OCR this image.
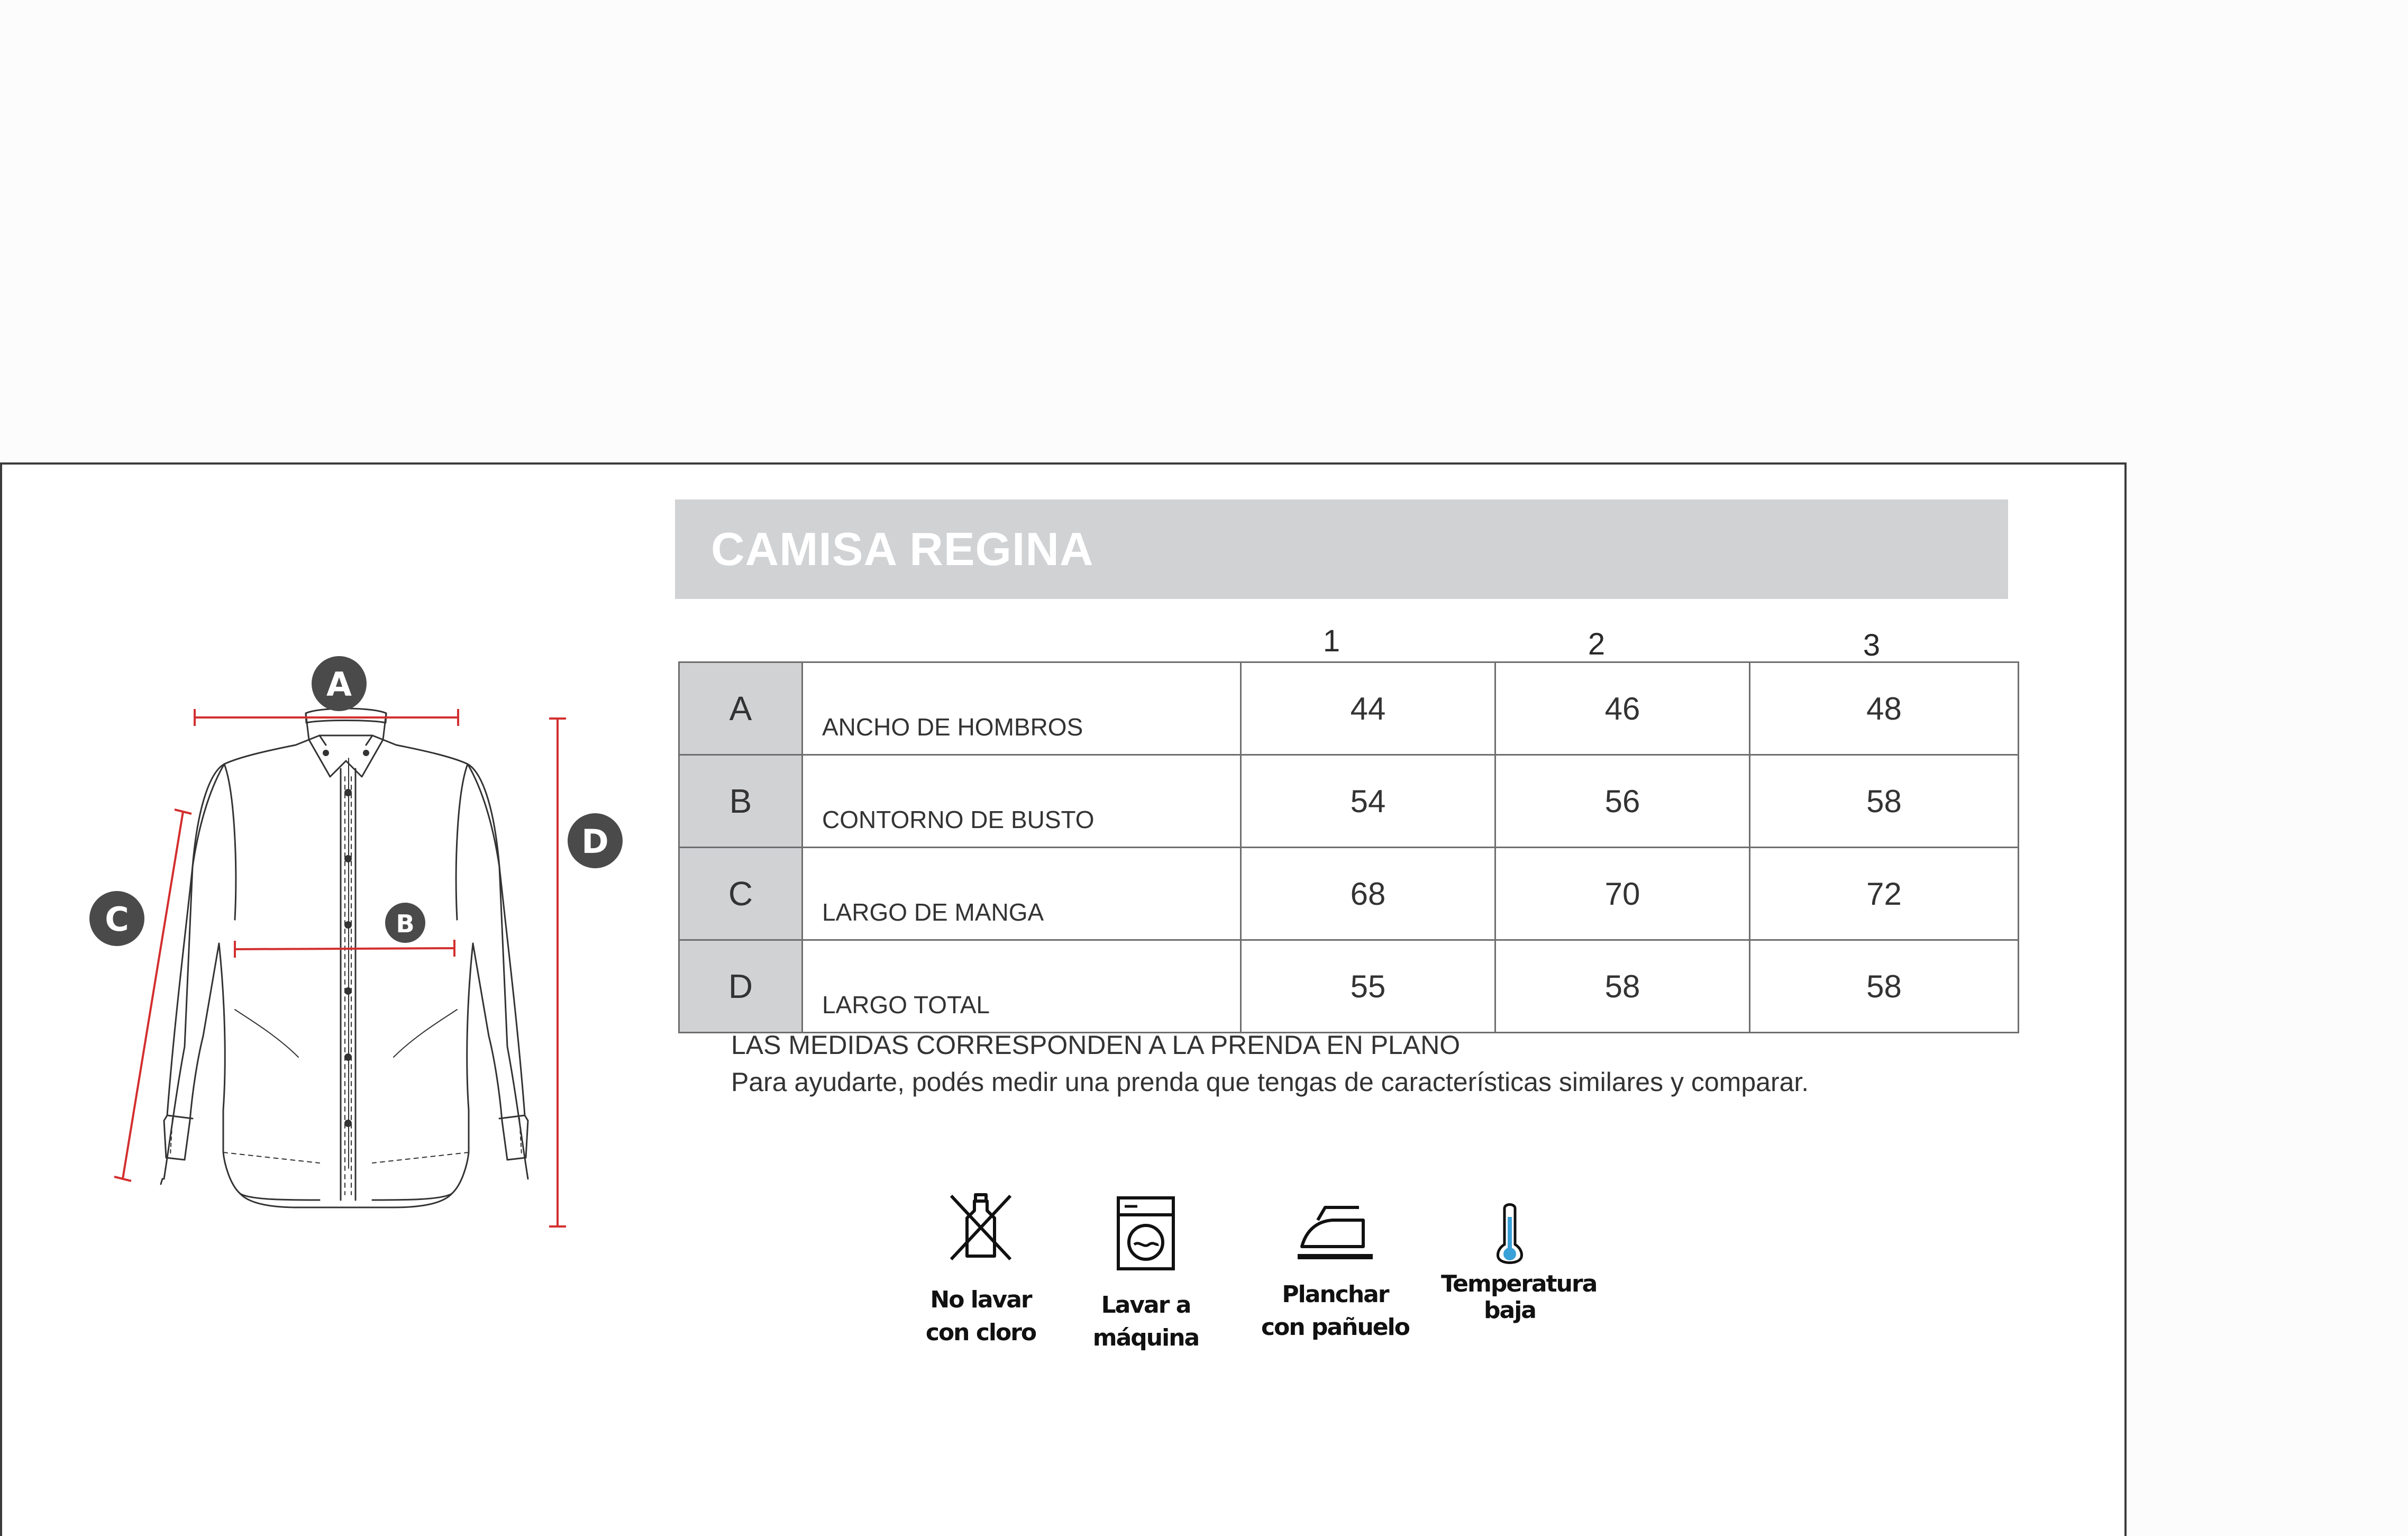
A
B
C
D
CAMISA REGINA
1	2	3
A	ANCHO DE HOMBROS	44	46	48
B	CONTORNO DE BUSTO	54	56	58
C	LARGO DE MANGA	68	70	72
D	LARGO TOTAL	55	58	58
LAS MEDIDAS CORRESPONDEN A LA PRENDA EN PLANO
Para ayudarte, podés medir una prenda que tengas de características similares y comparar.
No lavar
con cloro
Lavar a
máquina
Planchar
con pañuelo
Temperatura
baja
